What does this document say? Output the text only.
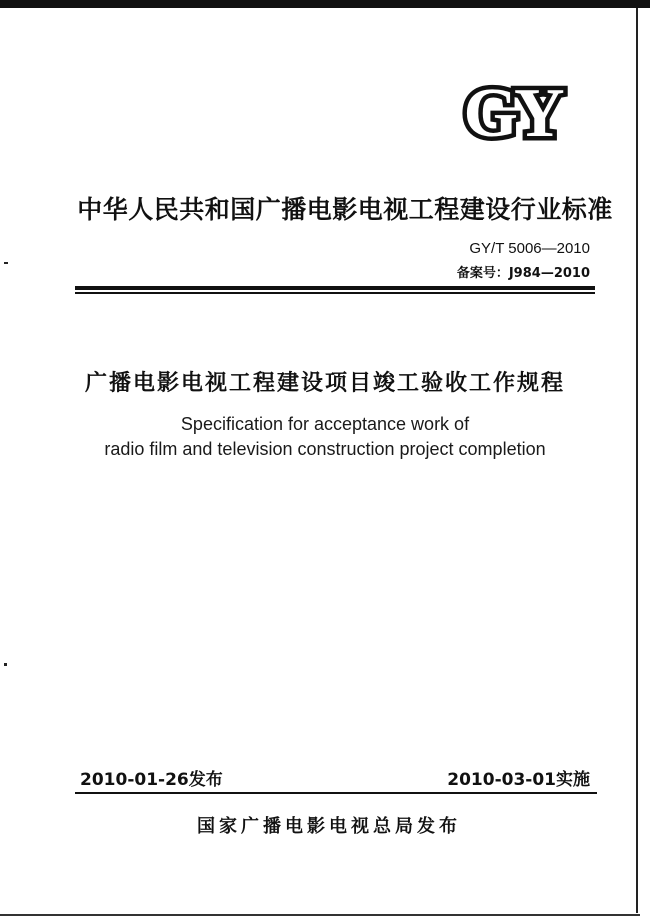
GY
中华人民共和国广播电影电视工程建设行业标准
GY/T 5006—2010
备案号：J984—2010
广播电影电视工程建设项目竣工验收工作规程
Specification for acceptance work of
radio film and television construction project completion
2010-01-26发布	2010-03-01实施
国家广播电影电视总局发布
